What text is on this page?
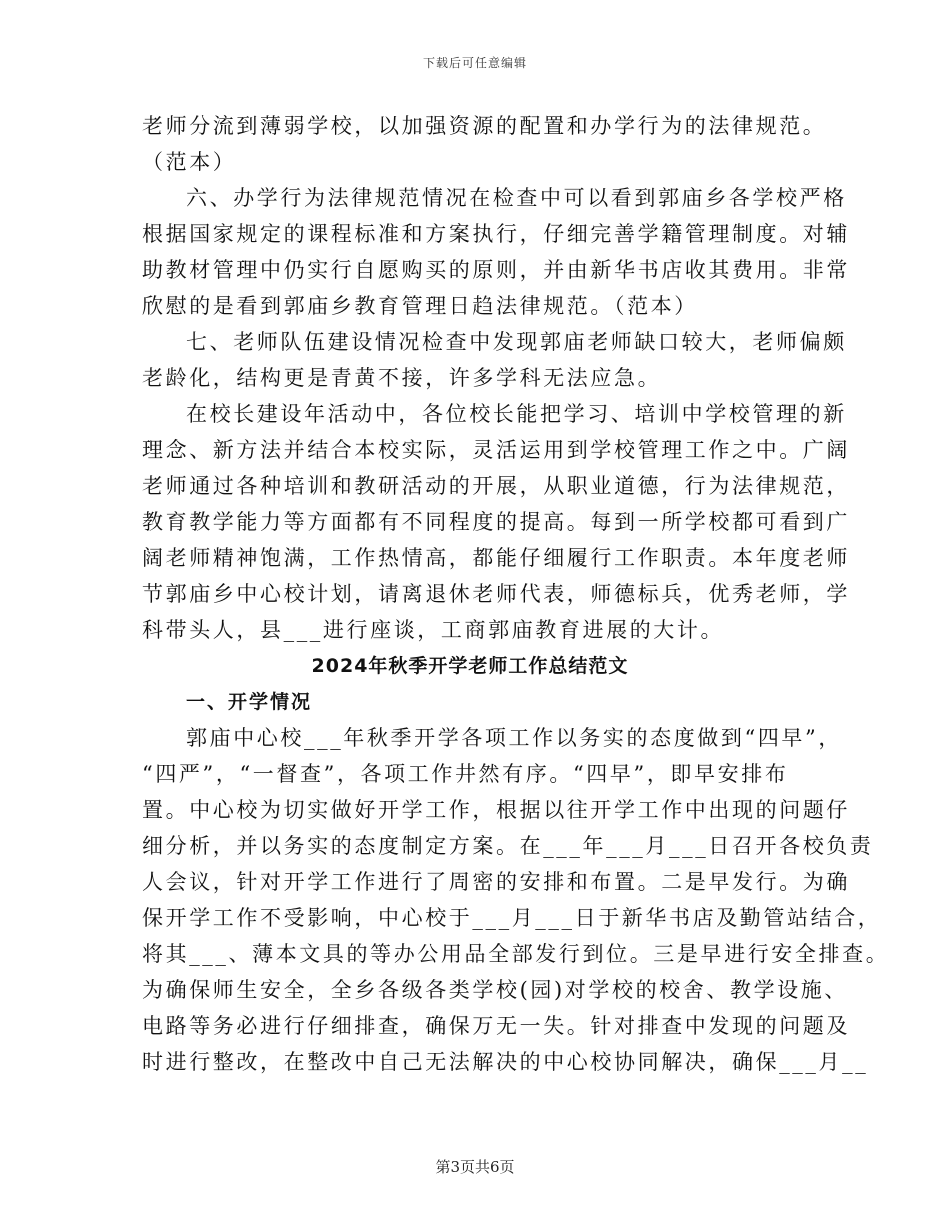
下载后可任意编辑
老师分流到薄弱学校，以加强资源的配置和办学行为的法律规范。
（范本）
六、办学行为法律规范情况在检查中可以看到郭庙乡各学校严格
根据国家规定的课程标准和方案执行，仔细完善学籍管理制度。对辅
助教材管理中仍实行自愿购买的原则，并由新华书店收其费用。非常
欣慰的是看到郭庙乡教育管理日趋法律规范。（范本）
七、老师队伍建设情况检查中发现郭庙老师缺口较大，老师偏颇
老龄化，结构更是青黄不接，许多学科无法应急。
在校长建设年活动中，各位校长能把学习、培训中学校管理的新
理念、新方法并结合本校实际，灵活运用到学校管理工作之中。广阔
老师通过各种培训和教研活动的开展，从职业道德，行为法律规范，
教育教学能力等方面都有不同程度的提高。每到一所学校都可看到广
阔老师精神饱满，工作热情高，都能仔细履行工作职责。本年度老师
节郭庙乡中心校计划，请离退休老师代表，师德标兵，优秀老师，学
科带头人，县___进行座谈，工商郭庙教育进展的大计。
2024年秋季开学老师工作总结范文
一、开学情况
郭庙中心校___年秋季开学各项工作以务实的态度做到“四早”，
“四严”，“一督查”，各项工作井然有序。“四早”，即早安排布
置。中心校为切实做好开学工作，根据以往开学工作中出现的问题仔
细分析，并以务实的态度制定方案。在___年___月___日召开各校负责
人会议，针对开学工作进行了周密的安排和布置。二是早发行。为确
保开学工作不受影响，中心校于___月___日于新华书店及勤管站结合，
将其___、薄本文具的等办公用品全部发行到位。三是早进行安全排查。
为确保师生安全，全乡各级各类学校(园)对学校的校舍、教学设施、
电路等务必进行仔细排查，确保万无一失。针对排查中发现的问题及
时进行整改，在整改中自己无法解决的中心校协同解决，确保___月__
第3页共6页
